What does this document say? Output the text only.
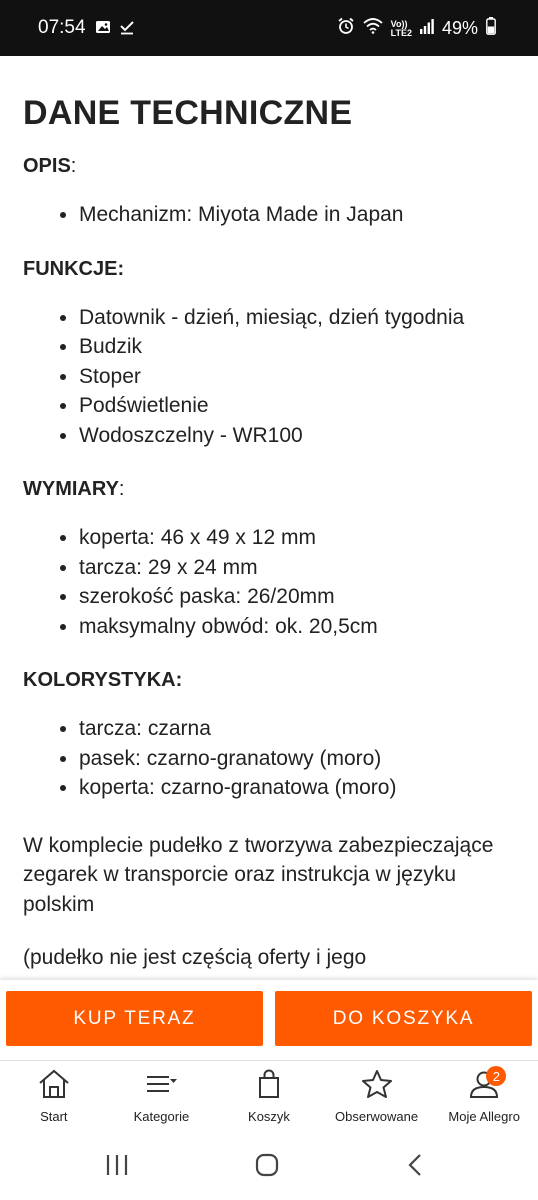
07:54	Vo))
LTE2 49%
DANE TECHNICZNE
OPIS:
• Mechanizm: Miyota Made in Japan
FUNKCJE:
• Datownik - dzień, miesiąc, dzień tygodnia
• Budzik
• Stoper
• Podświetlenie
• Wodoszczelny - WR100
WYMIARY:
• koperta: 46 x 49 x 12 mm
• tarcza: 29 x 24 mm
• szerokość paska: 26/20mm
• maksymalny obwód: ok. 20,5cm
KOLORYSTYKA:
• tarcza: czarna
• pasek: czarno-granatowy (moro)
• koperta: czarno-granatowa (moro)

W komplecie pudełko z tworzywa zabezpieczające zegarek w transporcie oraz instrukcja w języku polskim

(pudełko nie jest częścią oferty i jego

KUP TERAZ	DO KOSZYKA
Start	Kategorie	Koszyk	Obserwowane
2
Moje Allegro
